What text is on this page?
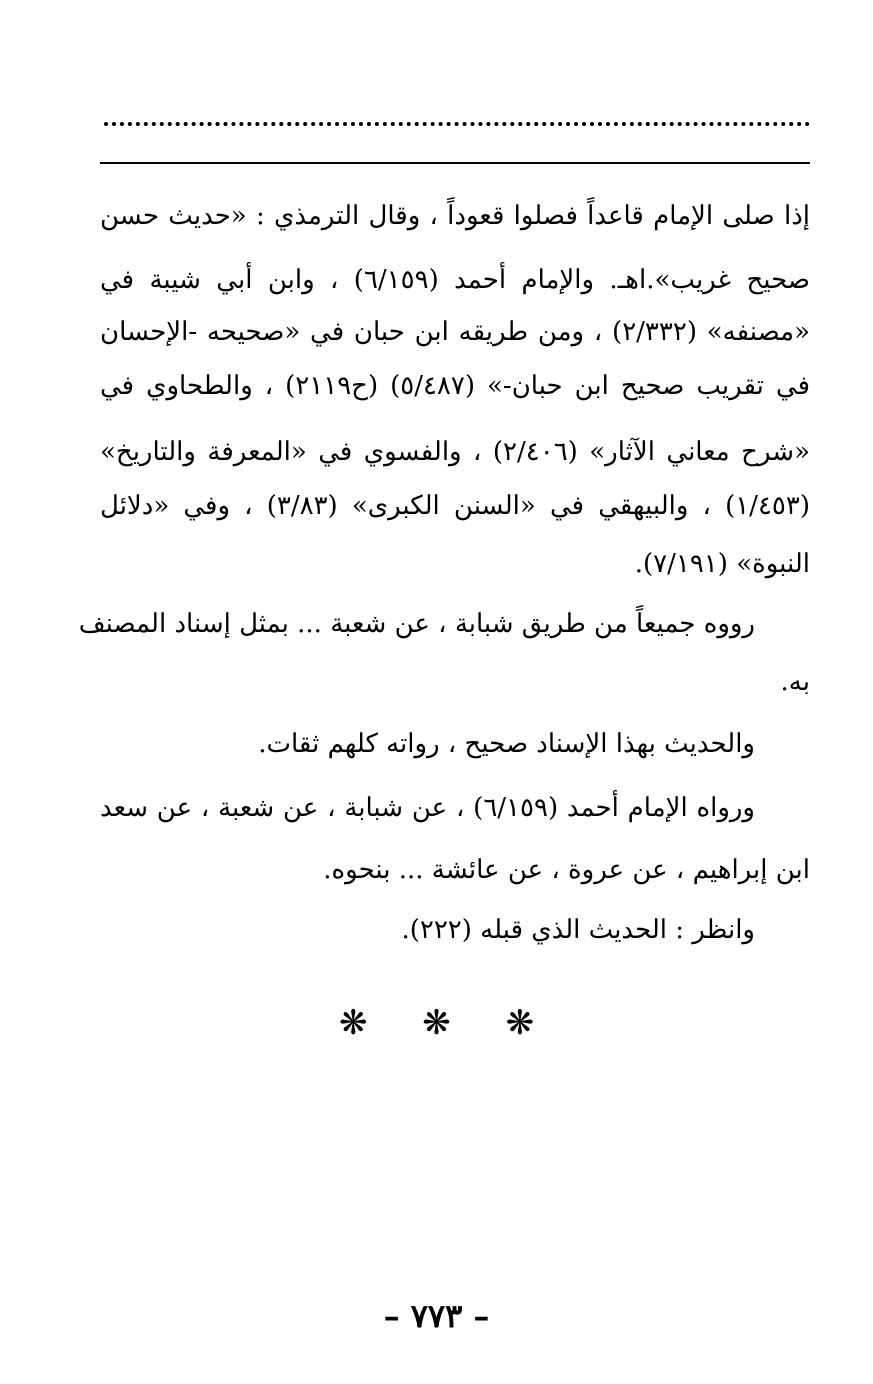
إذا صلى الإمام قاعداً فصلوا قعوداً ، وقال الترمذي : «حديث حسن
صحيح غريب».اهـ. والإمام أحمد (٦/١٥٩) ، وابن أبي شيبة في
«مصنفه» (٢/٣٣٢) ، ومن طريقه ابن حبان في «صحيحه -الإحسان
في تقريب صحيح ابن حبان-» (٥/٤٨٧) (ح٢١١٩) ، والطحاوي في
«شرح معاني الآثار» (٢/٤٠٦) ، والفسوي في «المعرفة والتاريخ»
(١/٤٥٣) ، والبيهقي في «السنن الكبرى» (٣/٨٣) ، وفي «دلائل
النبوة» (٧/١٩١).
رووه جميعاً من طريق شبابة ، عن شعبة ... بمثل إسناد المصنف
به.
والحديث بهذا الإسناد صحيح ، رواته كلهم ثقات.
ورواه الإمام أحمد (٦/١٥٩) ، عن شبابة ، عن شعبة ، عن سعد
ابن إبراهيم ، عن عروة ، عن عائشة ... بنحوه.
وانظر : الحديث الذي قبله (٢٢٢).
❋ ❋ ❋
– ٧٧٣ –
